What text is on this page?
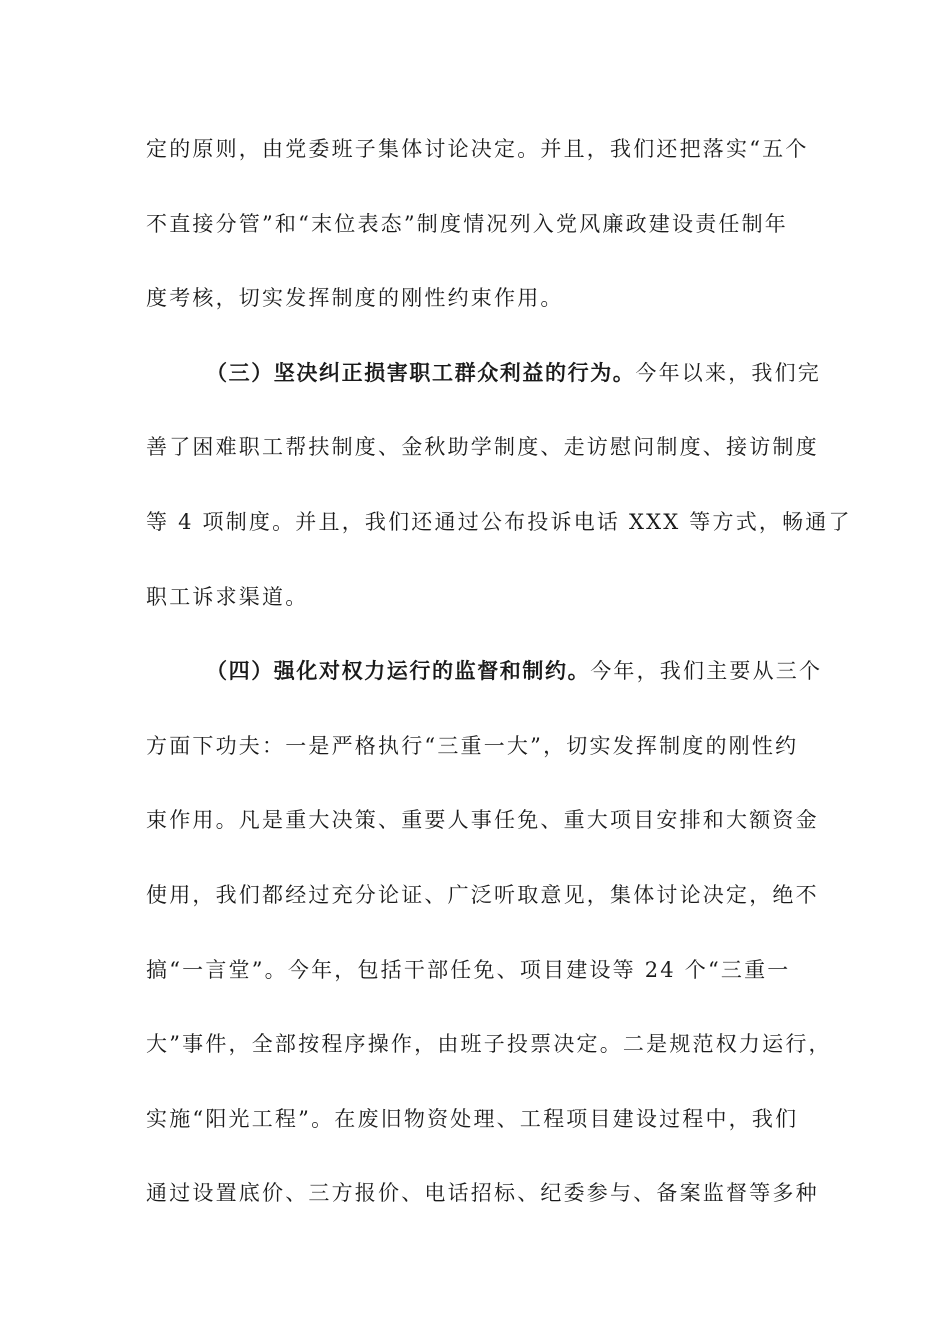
定的原则，由党委班子集体讨论决定。并且，我们还把落实“五个
不直接分管”和“末位表态”制度情况列入党风廉政建设责任制年
度考核，切实发挥制度的刚性约束作用。
（三）坚决纠正损害职工群众利益的行为。今年以来，我们完
善了困难职工帮扶制度、金秋助学制度、走访慰问制度、接访制度
等 4 项制度。并且，我们还通过公布投诉电话 XXX 等方式，畅通了
职工诉求渠道。
（四）强化对权力运行的监督和制约。今年，我们主要从三个
方面下功夫：一是严格执行“三重一大”，切实发挥制度的刚性约
束作用。凡是重大决策、重要人事任免、重大项目安排和大额资金
使用，我们都经过充分论证、广泛听取意见，集体讨论决定，绝不
搞“一言堂”。今年，包括干部任免、项目建设等 24 个“三重一
大”事件，全部按程序操作，由班子投票决定。二是规范权力运行，
实施“阳光工程”。在废旧物资处理、工程项目建设过程中，我们
通过设置底价、三方报价、电话招标、纪委参与、备案监督等多种
